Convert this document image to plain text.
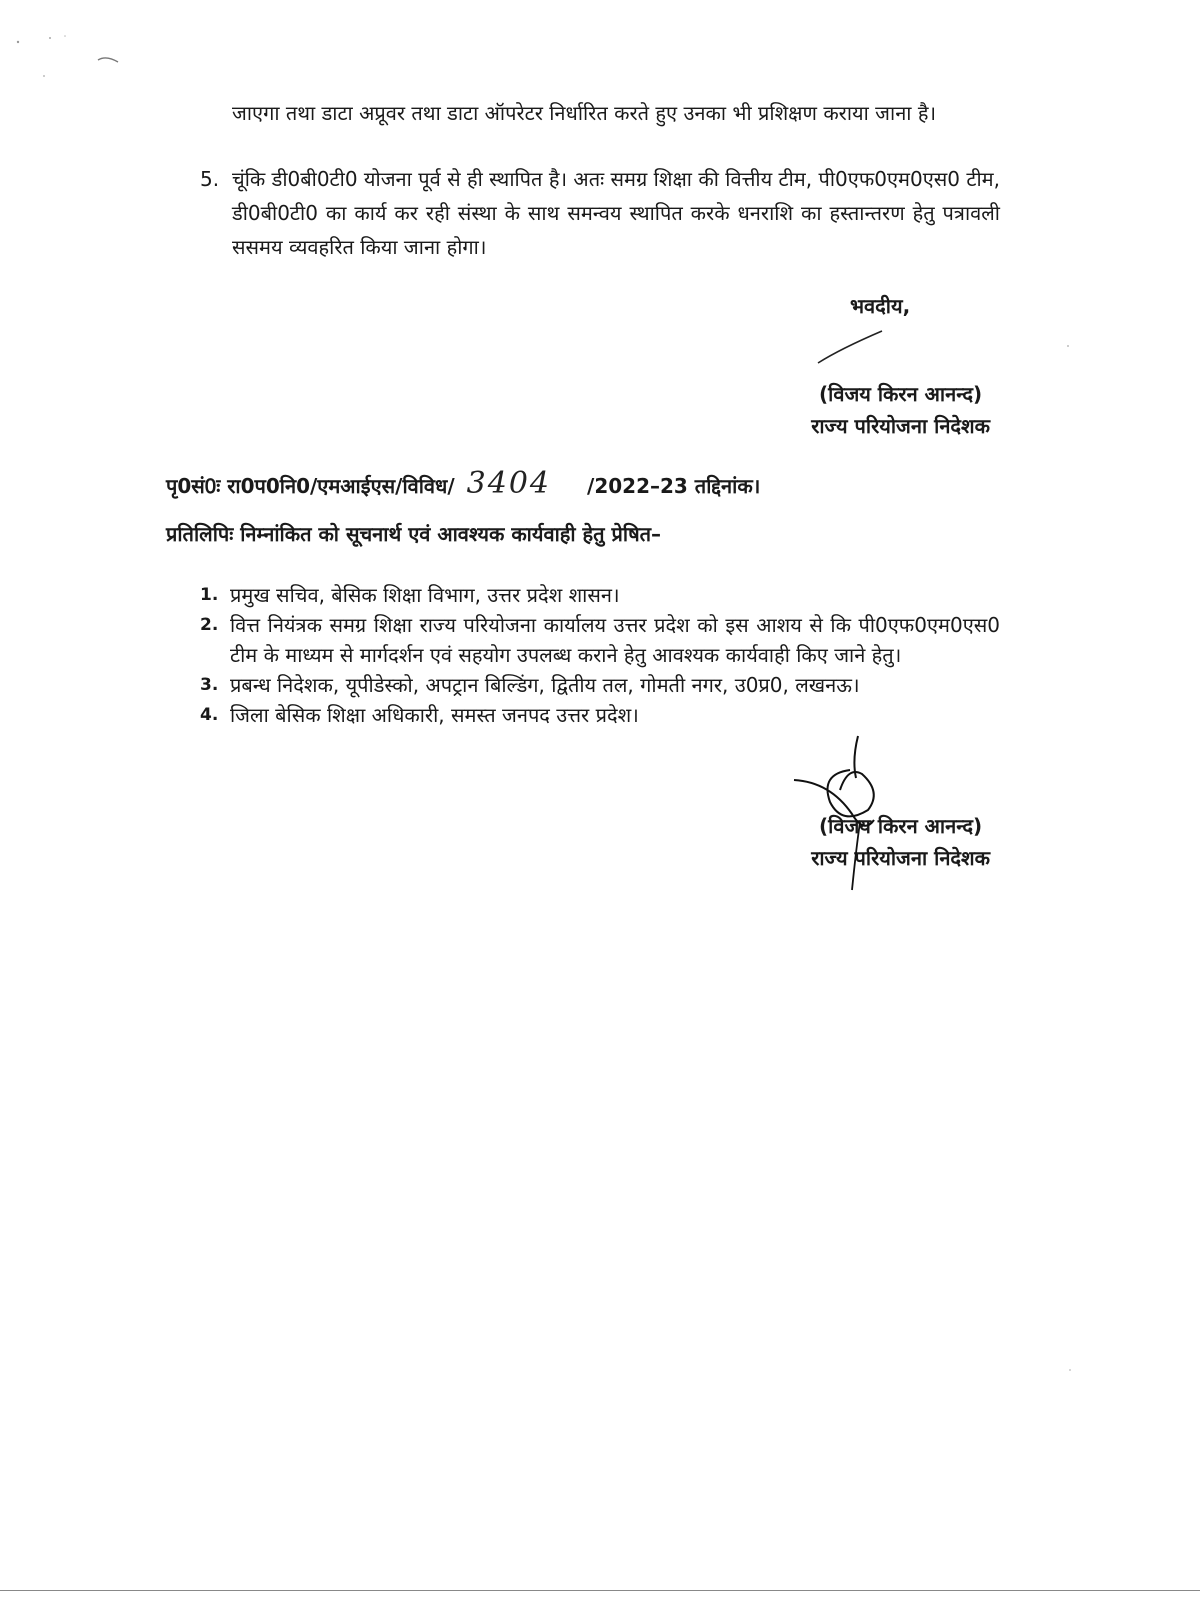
जाएगा तथा डाटा अप्रूवर तथा डाटा ऑपरेटर निर्धारित करते हुए उनका भी प्रशिक्षण कराया जाना है।
5. चूंकि डी0बी0टी0 योजना पूर्व से ही स्थापित है। अतः समग्र शिक्षा की वित्तीय टीम, पी0एफ0एम0एस0 टीम, डी0बी0टी0 का कार्य कर रही संस्था के साथ समन्वय स्थापित करके धनराशि का हस्तान्तरण हेतु पत्रावली ससमय व्यवहरित किया जाना होगा।
भवदीय,
(विजय किरन आनन्द)
राज्य परियोजना निदेशक
पृ0सं0ः रा0प0नि0/एमआईएस/विविध/ 3404 /2022–23 तद्दिनांक।
प्रतिलिपिः निम्नांकित को सूचनार्थ एवं आवश्यक कार्यवाही हेतु प्रेषित–
1. प्रमुख सचिव, बेसिक शिक्षा विभाग, उत्तर प्रदेश शासन।
2. वित्त नियंत्रक समग्र शिक्षा राज्य परियोजना कार्यालय उत्तर प्रदेश को इस आशय से कि पी0एफ0एम0एस0 टीम के माध्यम से मार्गदर्शन एवं सहयोग उपलब्ध कराने हेतु आवश्यक कार्यवाही किए जाने हेतु।
3. प्रबन्ध निदेशक, यूपीडेस्को, अपट्रान बिल्डिंग, द्वितीय तल, गोमती नगर, उ0प्र0, लखनऊ।
4. जिला बेसिक शिक्षा अधिकारी, समस्त जनपद उत्तर प्रदेश।
(विजय किरन आनन्द)
राज्य परियोजना निदेशक
